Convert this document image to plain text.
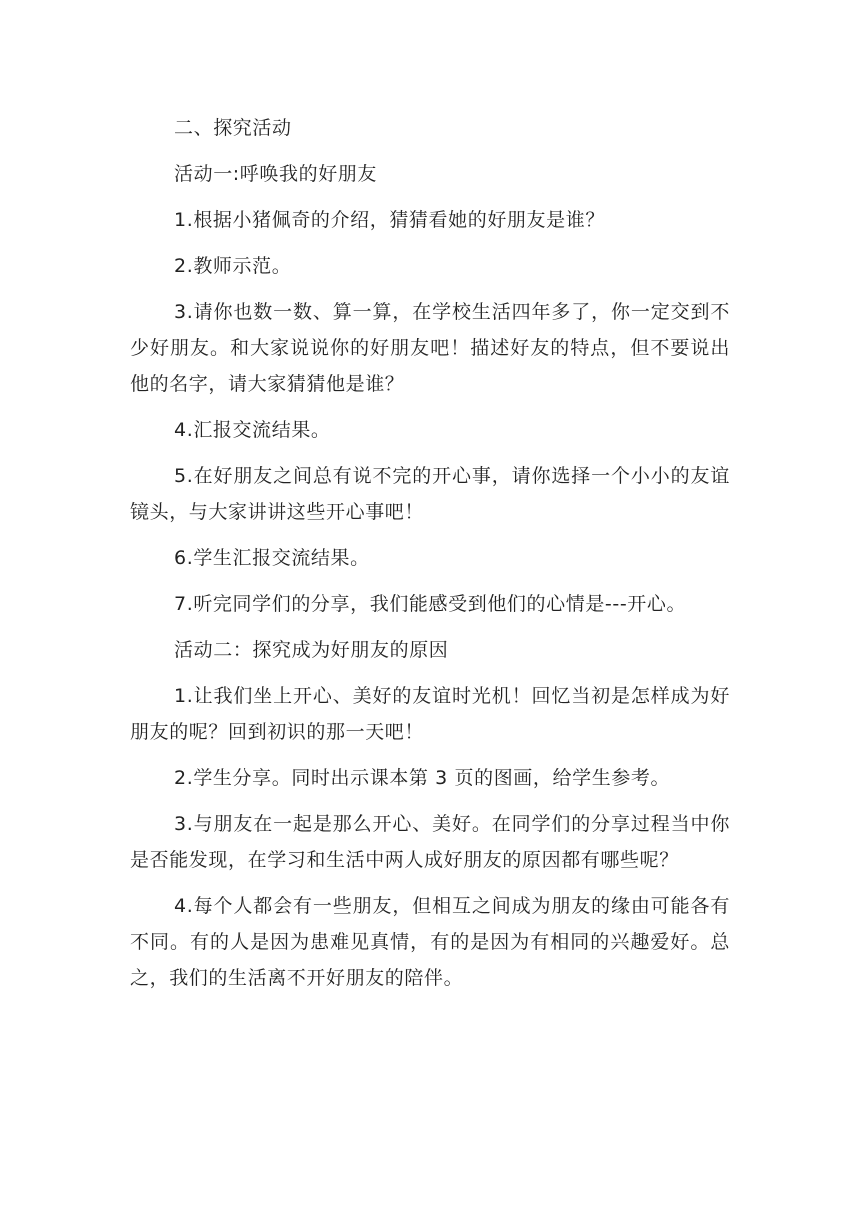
二、探究活动

活动一:呼唤我的好朋友

1.根据小猪佩奇的介绍，猜猜看她的好朋友是谁？

2.教师示范。

3.请你也数一数、算一算，在学校生活四年多了，你一定交到不少好朋友。和大家说说你的好朋友吧！描述好友的特点，但不要说出他的名字，请大家猜猜他是谁？

4.汇报交流结果。

5.在好朋友之间总有说不完的开心事，请你选择一个小小的友谊镜头，与大家讲讲这些开心事吧！

6.学生汇报交流结果。

7.听完同学们的分享，我们能感受到他们的心情是---开心。

活动二：探究成为好朋友的原因

1.让我们坐上开心、美好的友谊时光机！回忆当初是怎样成为好朋友的呢？回到初识的那一天吧！

2.学生分享。同时出示课本第 3 页的图画，给学生参考。

3.与朋友在一起是那么开心、美好。在同学们的分享过程当中你是否能发现，在学习和生活中两人成好朋友的原因都有哪些呢？

4.每个人都会有一些朋友，但相互之间成为朋友的缘由可能各有不同。有的人是因为患难见真情，有的是因为有相同的兴趣爱好。总之，我们的生活离不开好朋友的陪伴。
